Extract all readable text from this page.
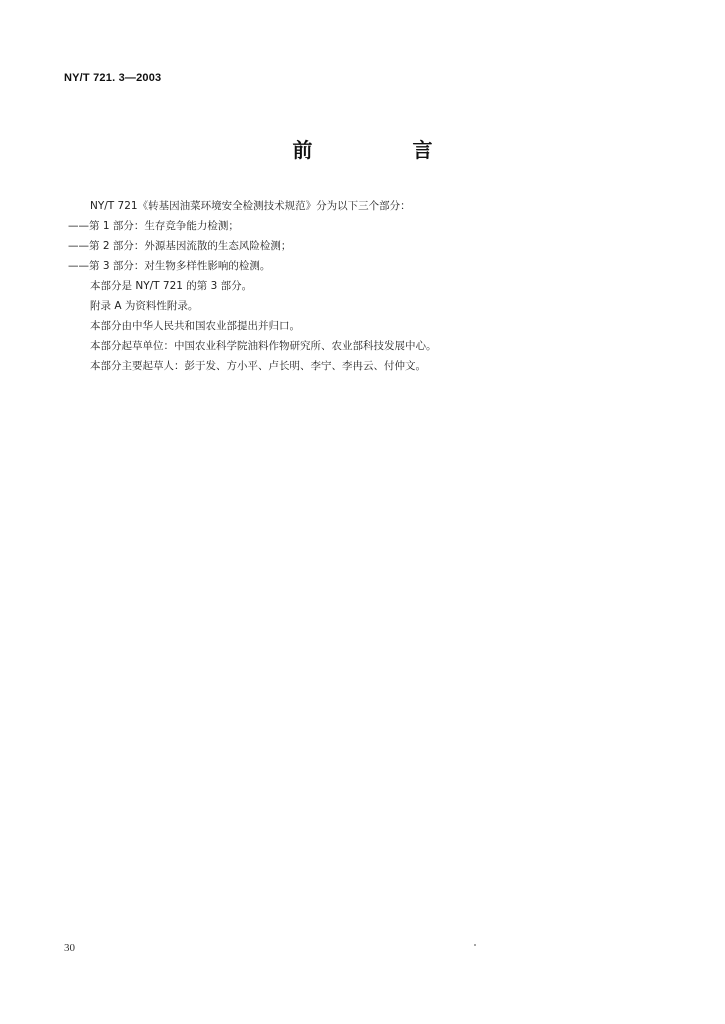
NY/T 721. 3—2003
前　言

NY/T 721《转基因油菜环境安全检测技术规范》分为以下三个部分：

——第 1 部分：生存竞争能力检测；

——第 2 部分：外源基因流散的生态风险检测；

——第 3 部分：对生物多样性影响的检测。

本部分是 NY/T 721 的第 3 部分。

附录 A 为资料性附录。

本部分由中华人民共和国农业部提出并归口。

本部分起草单位：中国农业科学院油料作物研究所、农业部科技发展中心。

本部分主要起草人：彭于发、方小平、卢长明、李宁、李冉云、付仲文。

30
